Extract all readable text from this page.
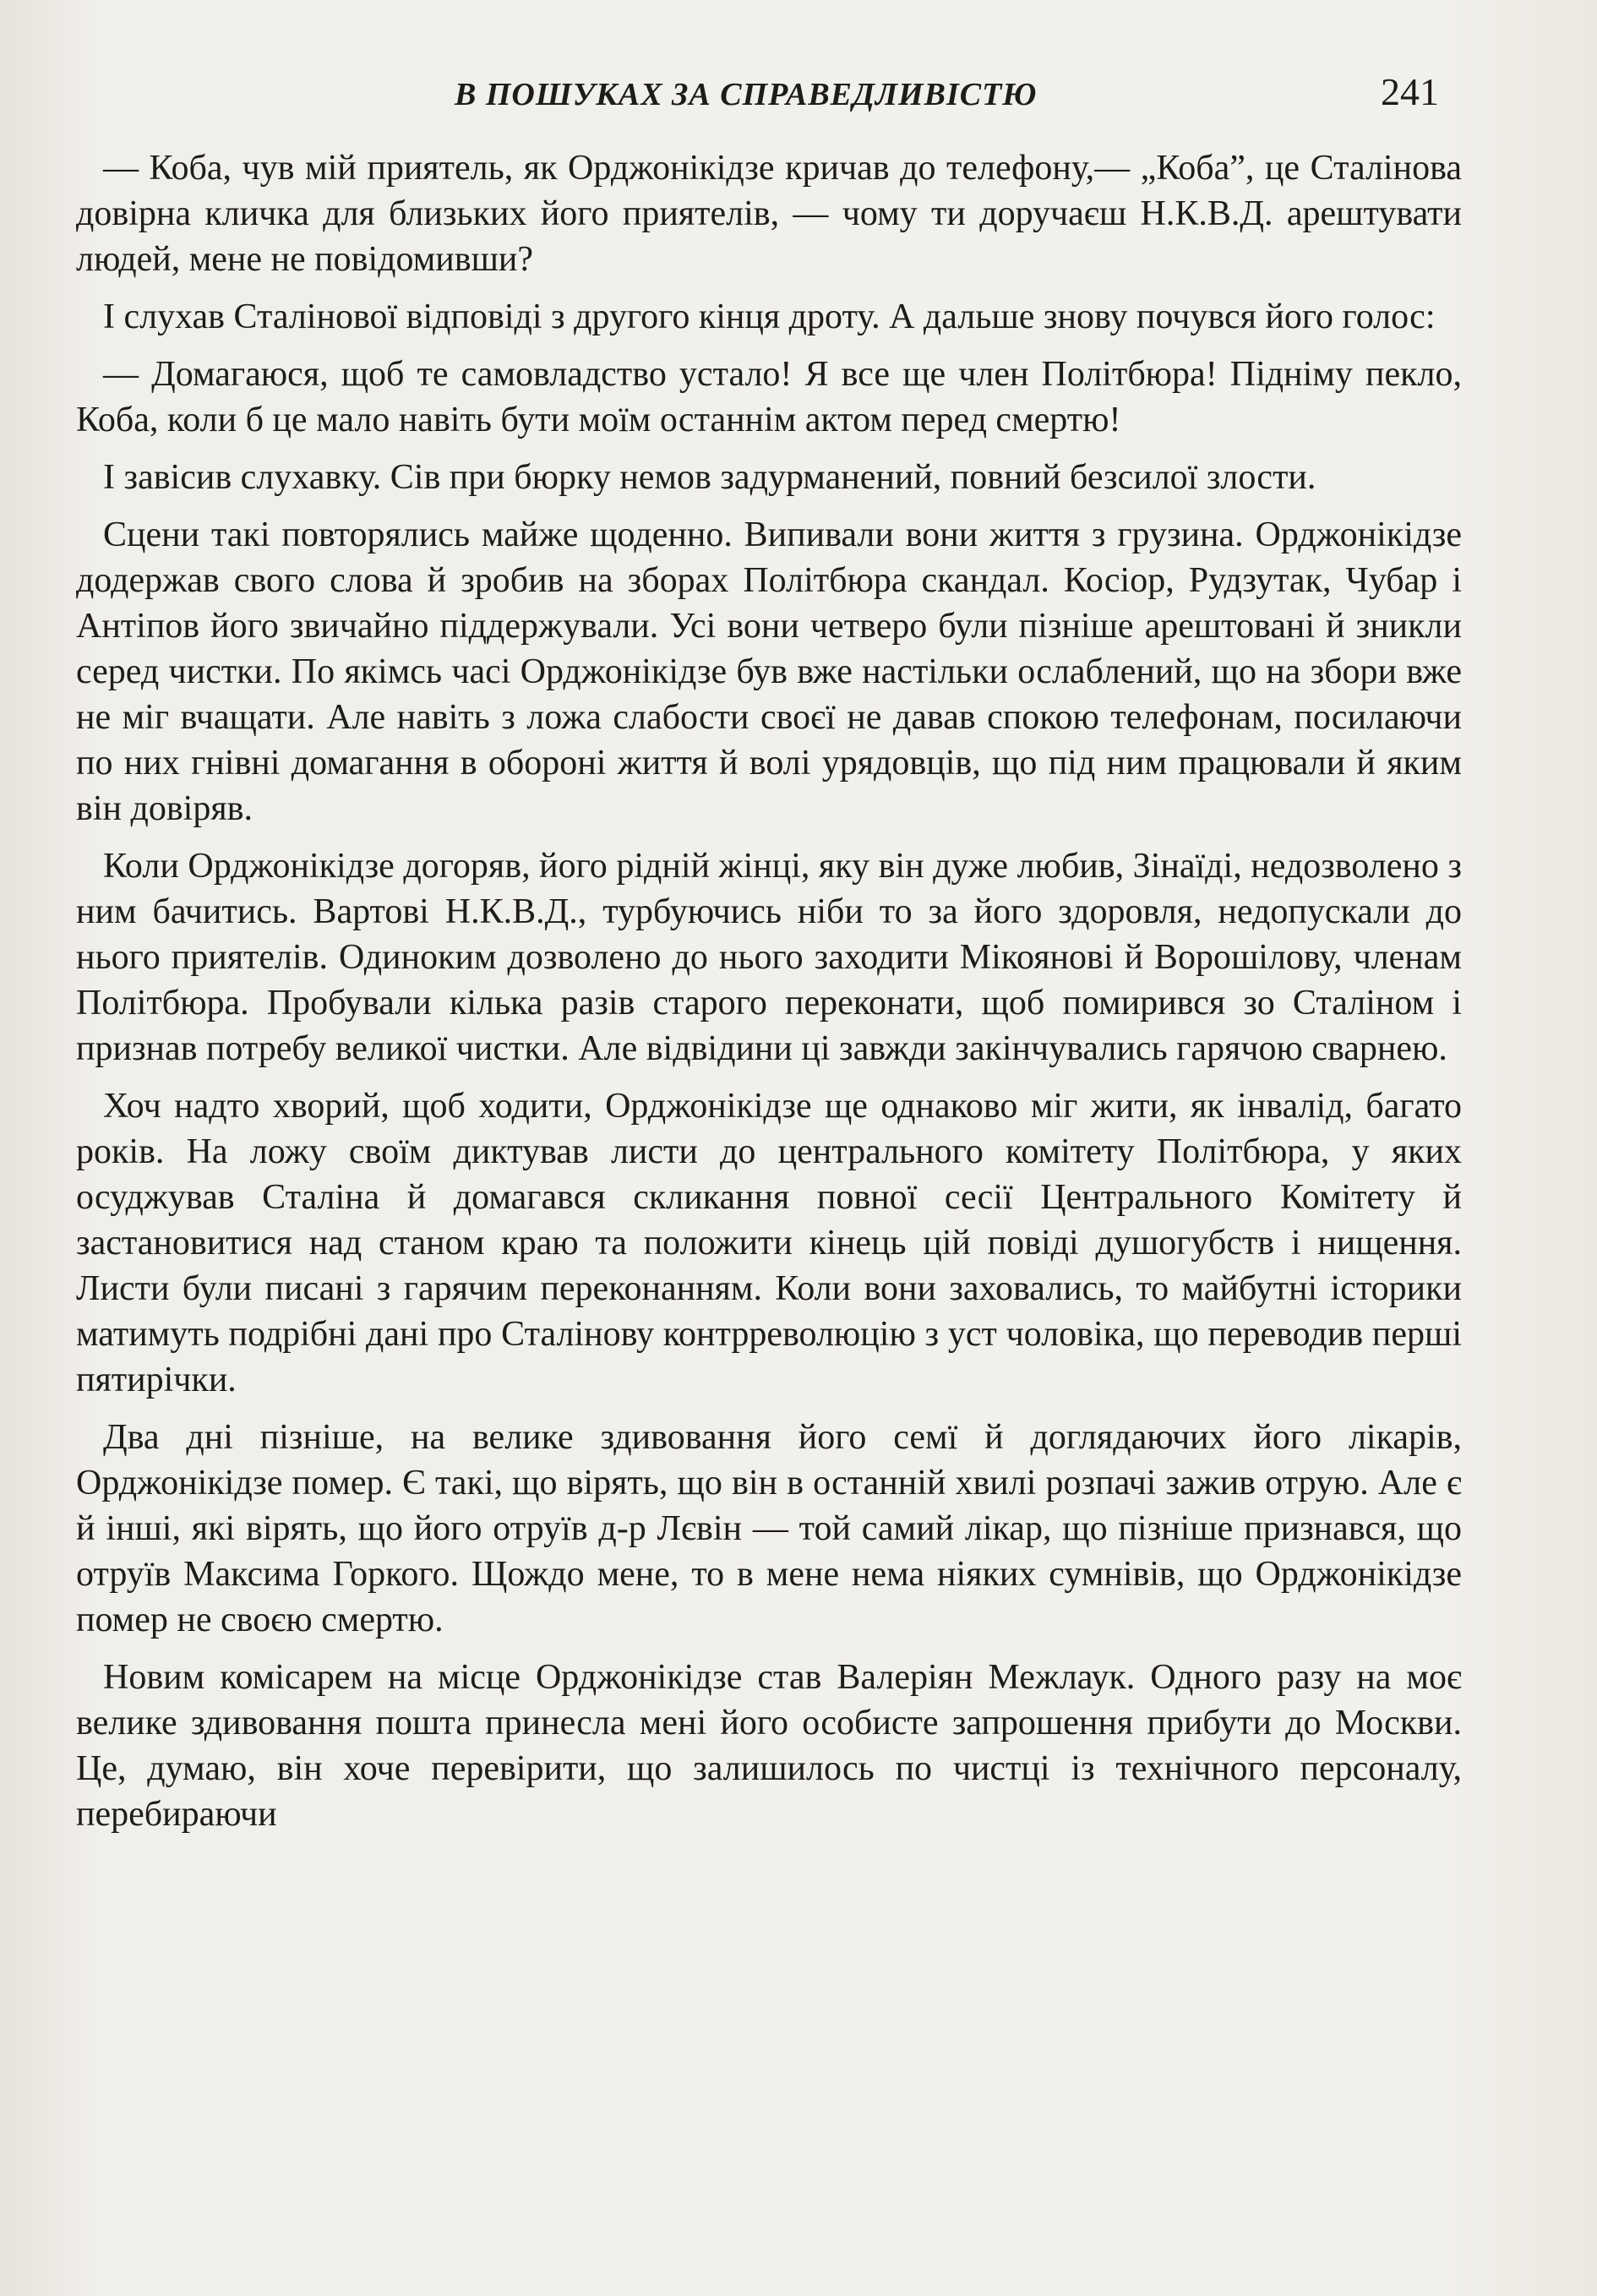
В ПОШУКАХ ЗА СПРАВЕДЛИВІСТЮ	241

— Коба, чув мій приятель, як Орджонікідзе кричав до телефону,— „Коба”, це Сталінова довірна кличка для близьких його приятелів, — чому ти доручаєш Н.К.В.Д. арештувати людей, мене не повідомивши?

І слухав Сталінової відповіді з другого кінця дроту. А дальше знову почувся його голос:

— Домагаюся, щоб те самовладство устало! Я все ще член Політбюра! Підніму пекло, Коба, коли б це мало навіть бути моїм останнім актом перед смертю!

І завісив слухавку. Сів при бюрку немов задурманений, повний безсилої злости.

Сцени такі повторялись майже щоденно. Випивали вони життя з грузина. Орджонікідзе додержав свого слова й зробив на зборах Політбюра скандал. Косіор, Рудзутак, Чубар і Антіпов його звичайно піддержували. Усі вони четверо були пізніше арештовані й зникли серед чистки. По якімсь часі Орджонікідзе був вже настільки ослаблений, що на збори вже не міг вчащати. Але навіть з ложа слабости своєї не давав спокою телефонам, посилаючи по них гнівні домагання в обороні життя й волі урядовців, що під ним працювали й яким він довіряв.

Коли Орджонікідзе догоряв, його рідній жінці, яку він дуже любив, Зінаїді, недозволено з ним бачитись. Вартові Н.К.В.Д., турбуючись ніби то за його здоровля, недопускали до нього приятелів. Одиноким дозволено до нього заходити Мікоянові й Ворошілову, членам Політбюра. Пробували кілька разів старого переконати, щоб помирився зо Сталіном і признав потребу великої чистки. Але відвідини ці завжди закінчувались гарячою сварнею.

Хоч надто хворий, щоб ходити, Орджонікідзе ще однаково міг жити, як інвалід, багато років. На ложу своїм диктував листи до центрального комітету Політбюра, у яких осуджував Сталіна й домагався скликання повної сесії Центрального Комітету й застановитися над станом краю та положити кінець цій повіді душогубств і нищення. Листи були писані з гарячим переконанням. Коли вони заховались, то майбутні історики матимуть подрібні дані про Сталінову контрреволюцію з уст чоловіка, що переводив перші пятирічки.

Два дні пізніше, на велике здивовання його семї й доглядаючих його лікарів, Орджонікідзе помер. Є такі, що вірять, що він в останній хвилі розпачі зажив отрую. Але є й інші, які вірять, що його отруїв д-р Лєвін — той самий лікар, що пізніше признався, що отруїв Максима Горкого. Щождо мене, то в мене нема ніяких сумнівів, що Орджонікідзе помер не своєю смертю.

Новим комісарем на місце Орджонікідзе став Валеріян Межлаук. Одного разу на моє велике здивовання пошта принесла мені його особисте запрошення прибути до Москви. Це, думаю, він хоче перевірити, що залишилось по чистці із технічного персоналу, перебираючи
